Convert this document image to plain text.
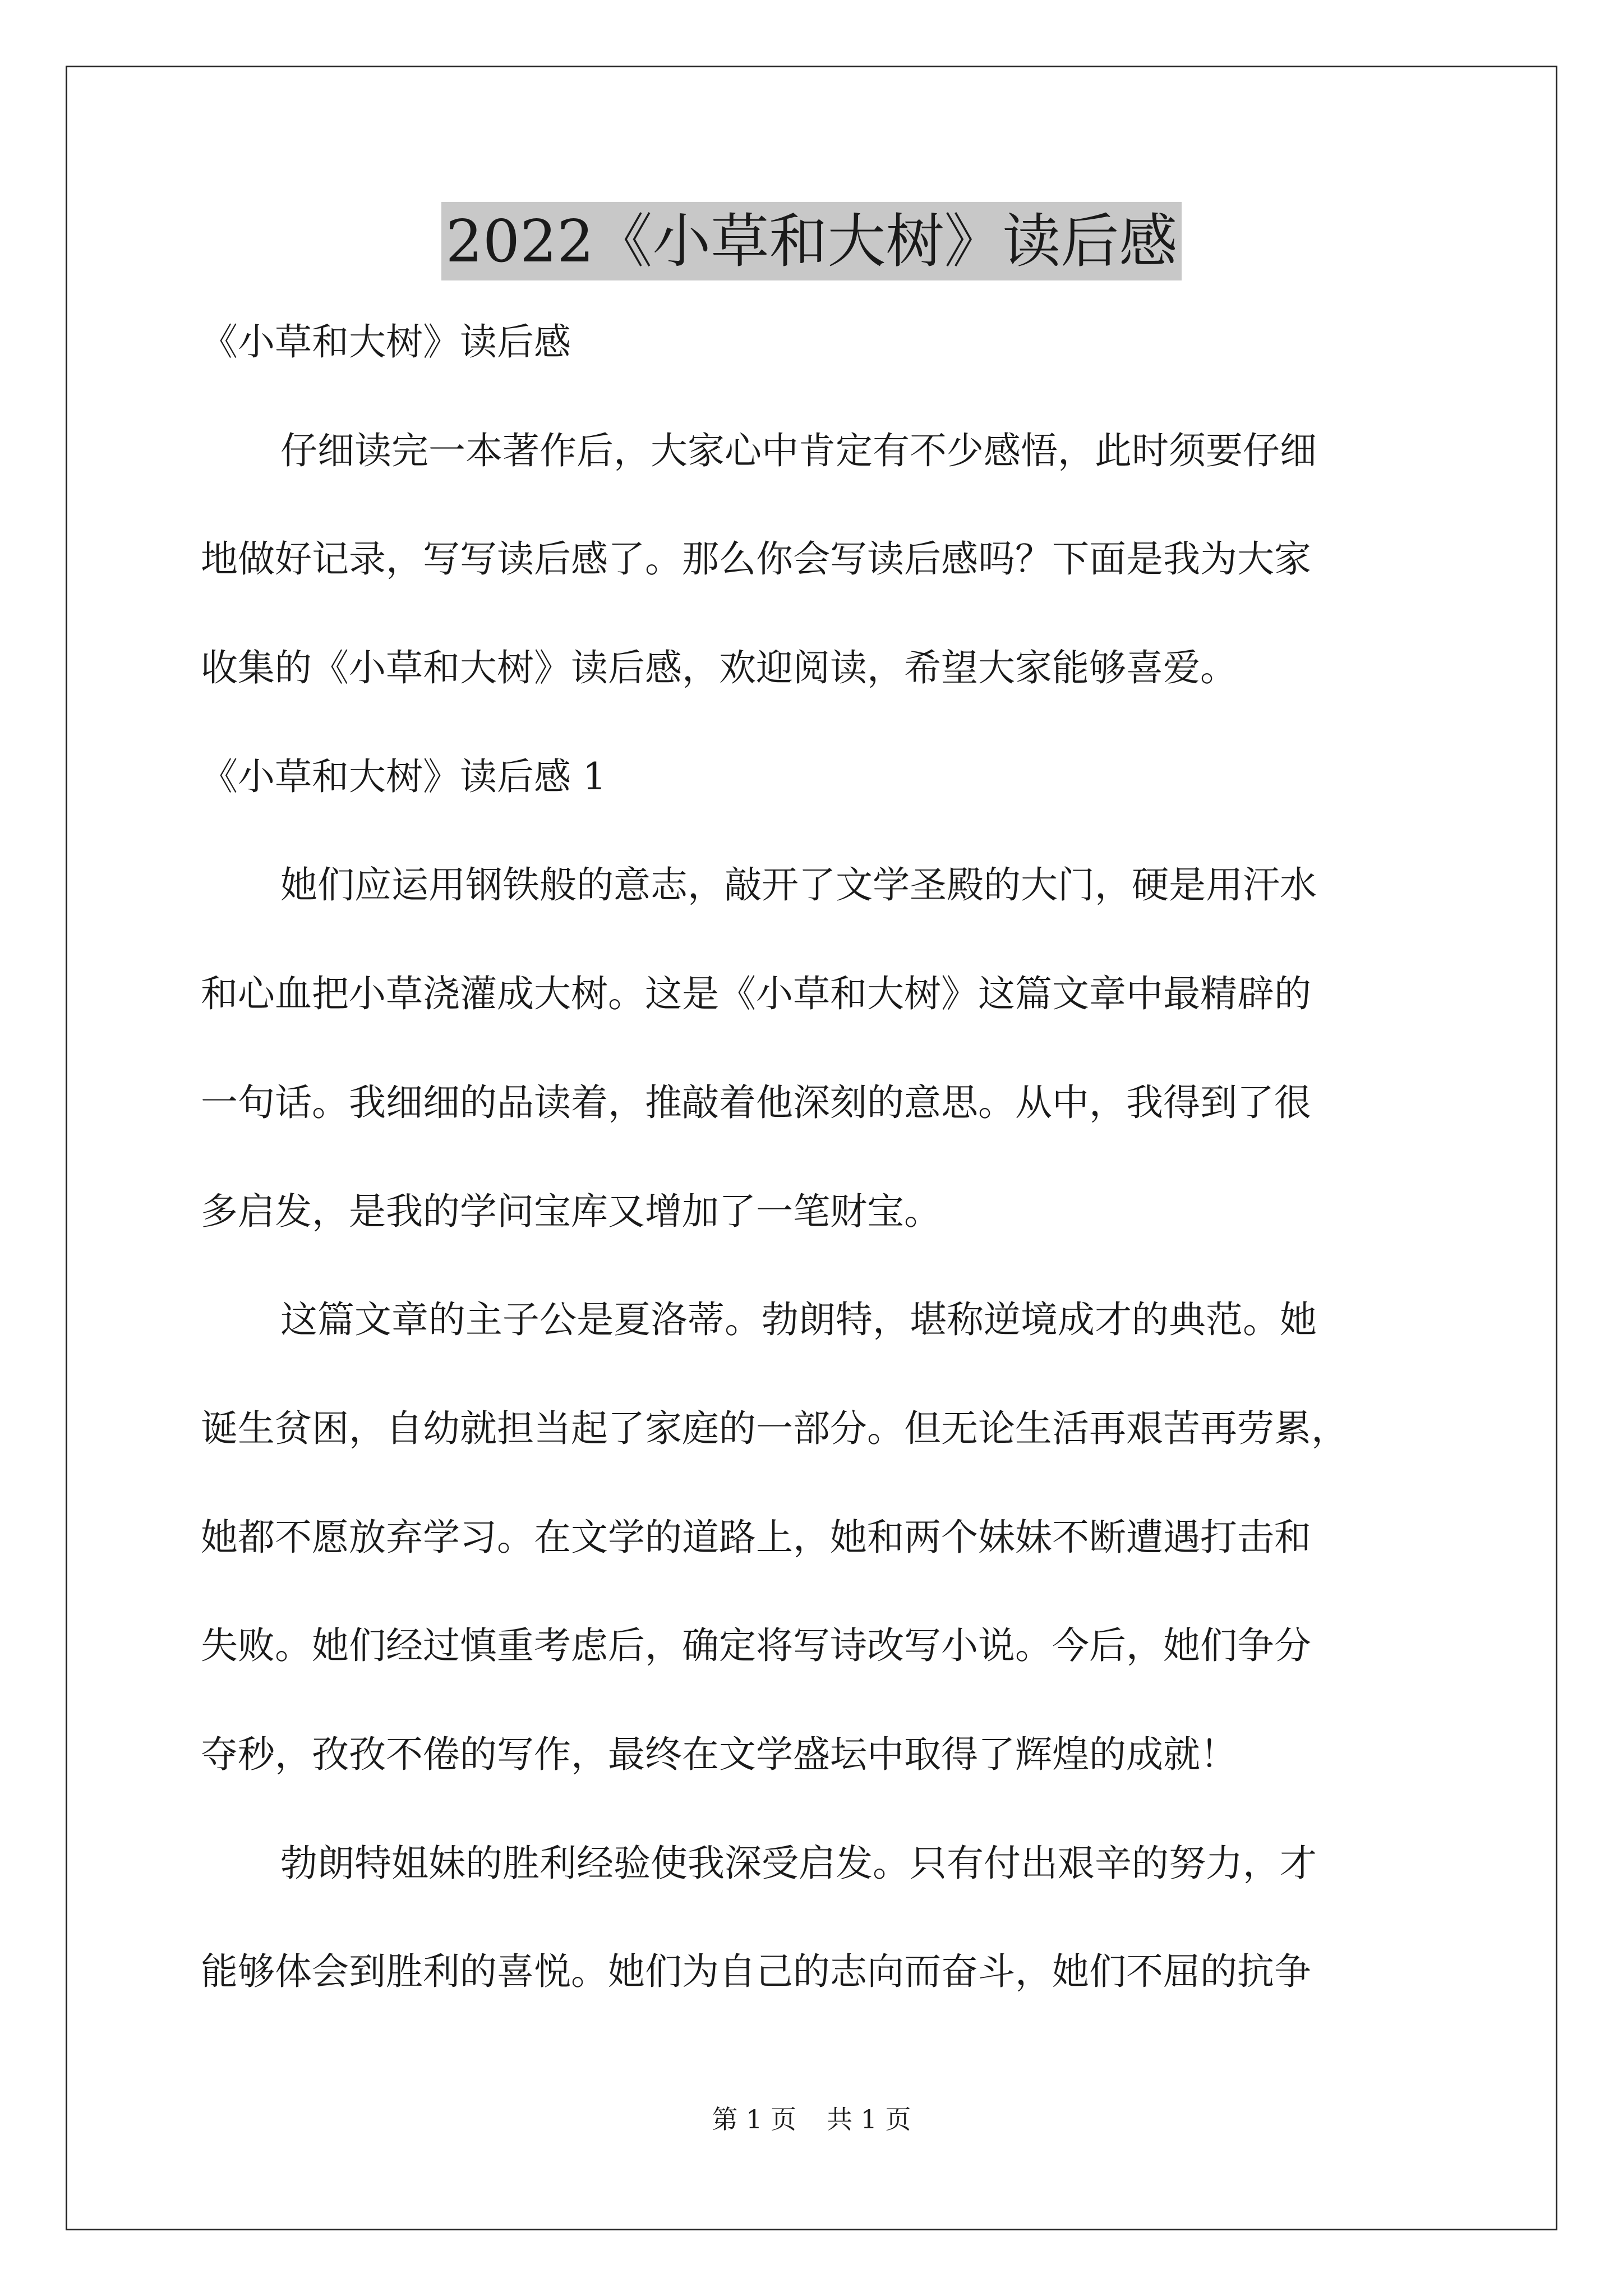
2022《小草和大树》读后感
《小草和大树》读后感
仔细读完一本著作后，大家心中肯定有不少感悟，此时须要仔细
地做好记录，写写读后感了。那么你会写读后感吗？下面是我为大家
收集的《小草和大树》读后感，欢迎阅读，希望大家能够喜爱。
《小草和大树》读后感 1
她们应运用钢铁般的意志，敲开了文学圣殿的大门，硬是用汗水
和心血把小草浇灌成大树。这是《小草和大树》这篇文章中最精辟的
一句话。我细细的品读着，推敲着他深刻的意思。从中，我得到了很
多启发，是我的学问宝库又增加了一笔财宝。
这篇文章的主子公是夏洛蒂。勃朗特，堪称逆境成才的典范。她
诞生贫困，自幼就担当起了家庭的一部分。但无论生活再艰苦再劳累，
她都不愿放弃学习。在文学的道路上，她和两个妹妹不断遭遇打击和
失败。她们经过慎重考虑后，确定将写诗改写小说。今后，她们争分
夺秒，孜孜不倦的写作，最终在文学盛坛中取得了辉煌的成就！
勃朗特姐妹的胜利经验使我深受启发。只有付出艰辛的努力，才
能够体会到胜利的喜悦。她们为自己的志向而奋斗，她们不屈的抗争
第 1 页 共 1 页
